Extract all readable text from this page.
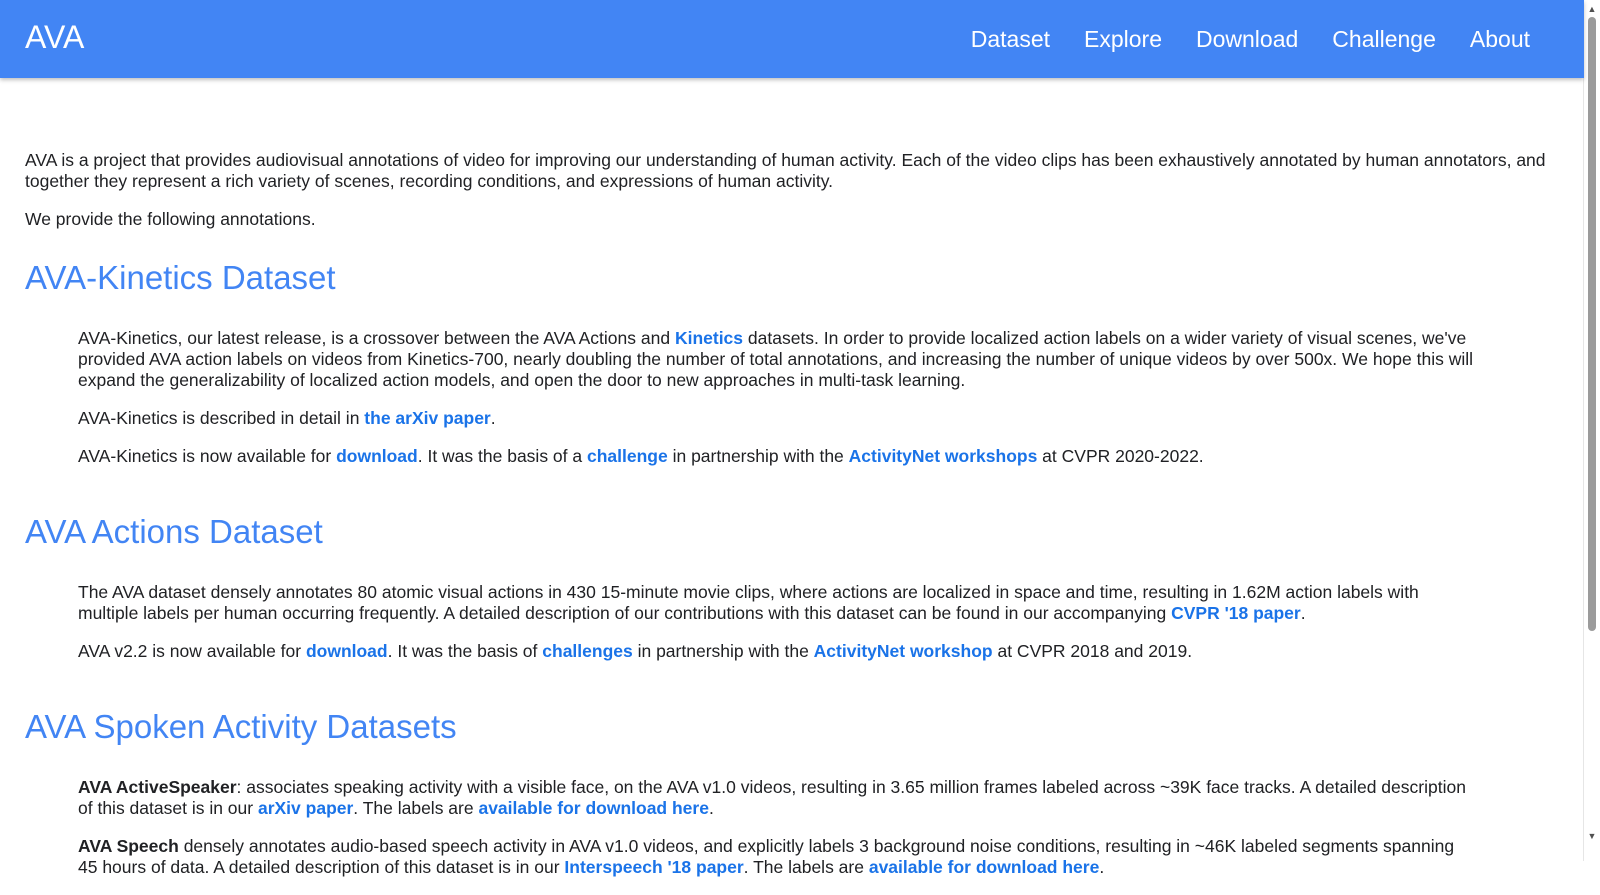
AVA	Dataset Explore Download Challenge About

AVA is a project that provides audiovisual annotations of video for improving our understanding of human activity. Each of the video clips has been exhaustively annotated by human annotators, and together they represent a rich variety of scenes, recording conditions, and expressions of human activity.

We provide the following annotations.

AVA-Kinetics Dataset

AVA-Kinetics, our latest release, is a crossover between the AVA Actions and Kinetics datasets. In order to provide localized action labels on a wider variety of visual scenes, we've provided AVA action labels on videos from Kinetics-700, nearly doubling the number of total annotations, and increasing the number of unique videos by over 500x. We hope this will expand the generalizability of localized action models, and open the door to new approaches in multi-task learning.

AVA-Kinetics is described in detail in the arXiv paper.

AVA-Kinetics is now available for download. It was the basis of a challenge in partnership with the ActivityNet workshops at CVPR 2020-2022.

AVA Actions Dataset

The AVA dataset densely annotates 80 atomic visual actions in 430 15-minute movie clips, where actions are localized in space and time, resulting in 1.62M action labels with multiple labels per human occurring frequently. A detailed description of our contributions with this dataset can be found in our accompanying CVPR '18 paper.

AVA v2.2 is now available for download. It was the basis of challenges in partnership with the ActivityNet workshop at CVPR 2018 and 2019.

AVA Spoken Activity Datasets

AVA ActiveSpeaker: associates speaking activity with a visible face, on the AVA v1.0 videos, resulting in 3.65 million frames labeled across ~39K face tracks. A detailed description of this dataset is in our arXiv paper. The labels are available for download here.

AVA Speech densely annotates audio-based speech activity in AVA v1.0 videos, and explicitly labels 3 background noise conditions, resulting in ~46K labeled segments spanning 45 hours of data. A detailed description of this dataset is in our Interspeech '18 paper. The labels are available for download here.

▲
▼
